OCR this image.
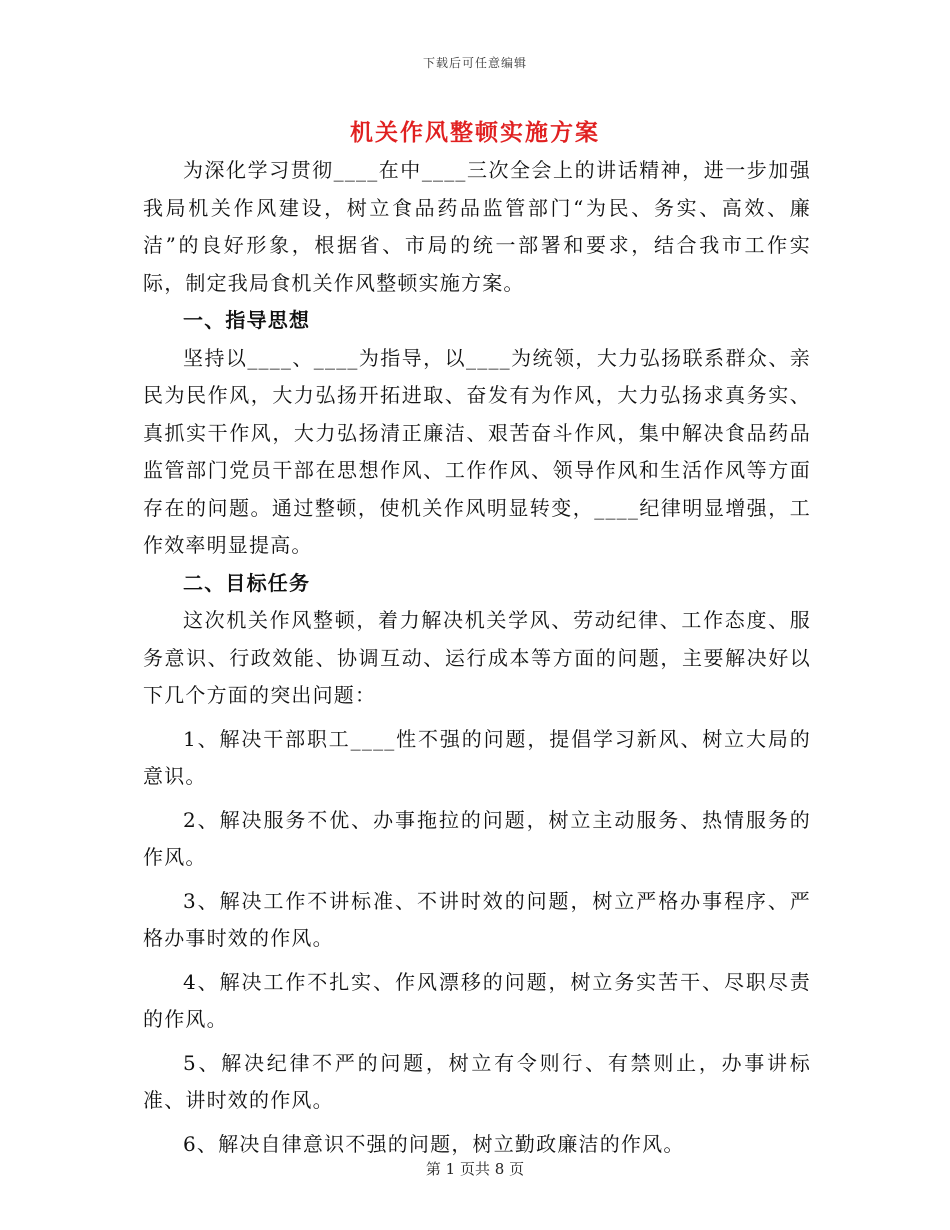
下载后可任意编辑
机关作风整顿实施方案

为深化学习贯彻____在中____三次全会上的讲话精神，进一步加强我局机关作风建设，树立食品药品监管部门“为民、务实、高效、廉洁”的良好形象，根据省、市局的统一部署和要求，结合我市工作实际，制定我局食机关作风整顿实施方案。

一、指导思想

坚持以____、____为指导，以____为统领，大力弘扬联系群众、亲民为民作风，大力弘扬开拓进取、奋发有为作风，大力弘扬求真务实、真抓实干作风，大力弘扬清正廉洁、艰苦奋斗作风，集中解决食品药品监管部门党员干部在思想作风、工作作风、领导作风和生活作风等方面存在的问题。通过整顿，使机关作风明显转变，____纪律明显增强，工作效率明显提高。

二、目标任务

这次机关作风整顿，着力解决机关学风、劳动纪律、工作态度、服务意识、行政效能、协调互动、运行成本等方面的问题，主要解决好以下几个方面的突出问题：

1、解决干部职工____性不强的问题，提倡学习新风、树立大局的意识。

2、解决服务不优、办事拖拉的问题，树立主动服务、热情服务的作风。

3、解决工作不讲标准、不讲时效的问题，树立严格办事程序、严格办事时效的作风。

4、解决工作不扎实、作风漂移的问题，树立务实苦干、尽职尽责的作风。

5、解决纪律不严的问题，树立有令则行、有禁则止，办事讲标准、讲时效的作风。

6、解决自律意识不强的问题，树立勤政廉洁的作风。

第 1 页共 8 页
